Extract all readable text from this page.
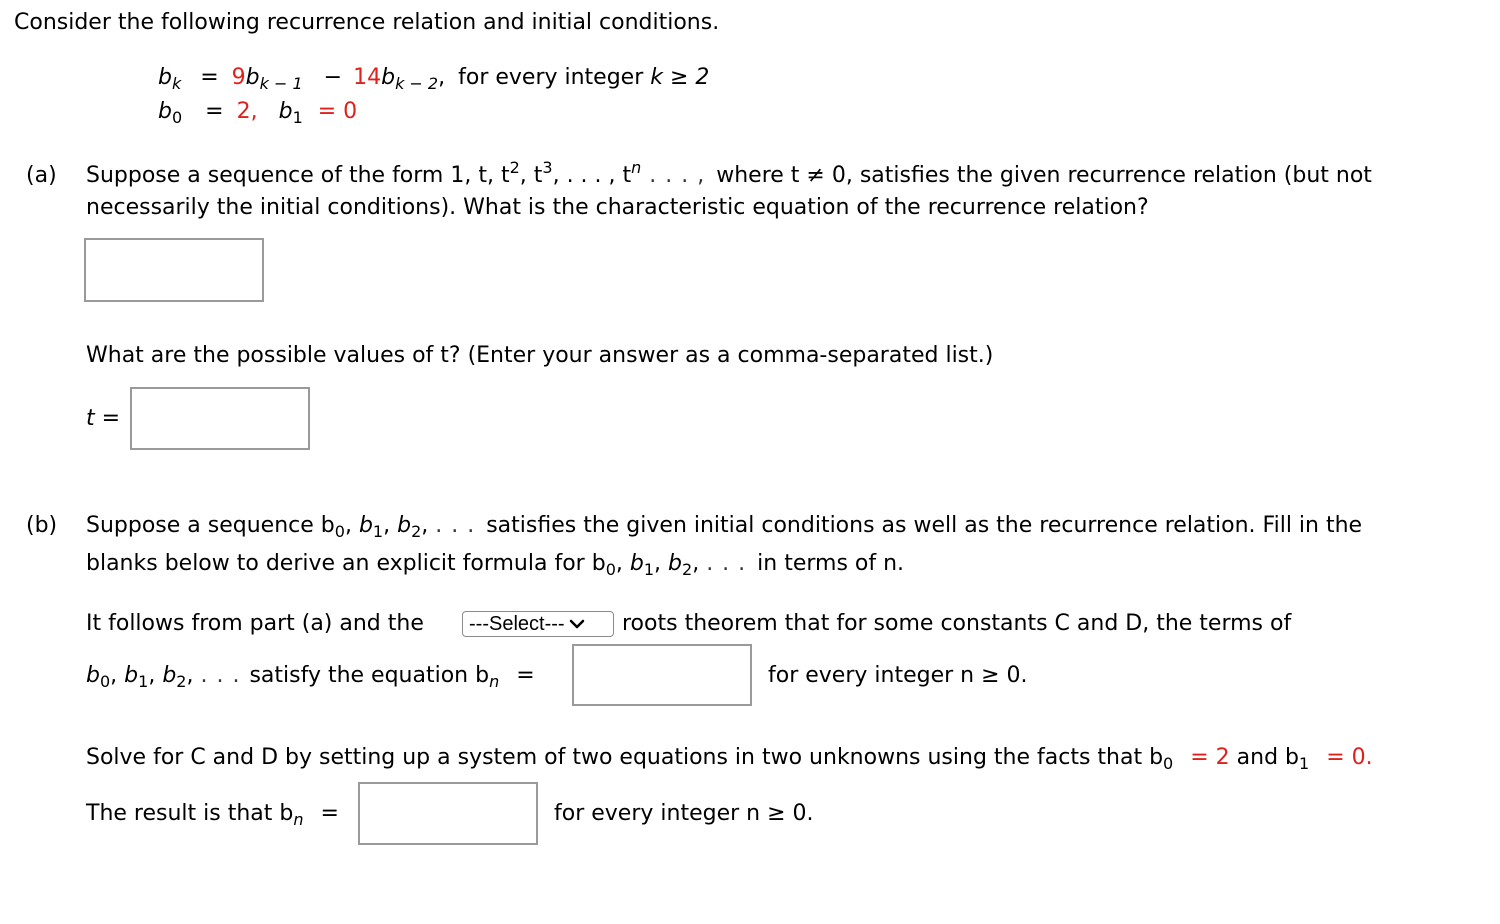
Consider the following recurrence relation and initial conditions.
$b_k = 9b_{k - 1} - 14b_{k - 2}$, for every integer k ≥ 2
$b_0 = 2$, $b_1 = 0$
(a) Suppose a sequence of the form 1, t, $t^2$, $t^3$, . . . , $t^n$ . . . , where t ≠ 0, satisfies the given recurrence relation (but not
necessarily the initial conditions). What is the characteristic equation of the recurrence relation?
What are the possible values of t? (Enter your answer as a comma-separated list.)
t =
(b) Suppose a sequence $b_0$, $b_1$, $b_2$, . . . satisfies the given initial conditions as well as the recurrence relation. Fill in the
blanks below to derive an explicit formula for $b_0$, $b_1$, $b_2$, . . . in terms of n.
It follows from part (a) and the ---Select---	roots theorem that for some constants C and D, the terms of
$b_0$, $b_1$, $b_2$, . . . satisfy the equation $b_n$ =	for every integer n ≥ 0.
Solve for C and D by setting up a system of two equations in two unknowns using the facts that $b_0 = 2$ and $b_1 = 0$.
The result is that $b_n$ =	for every integer n ≥ 0.
